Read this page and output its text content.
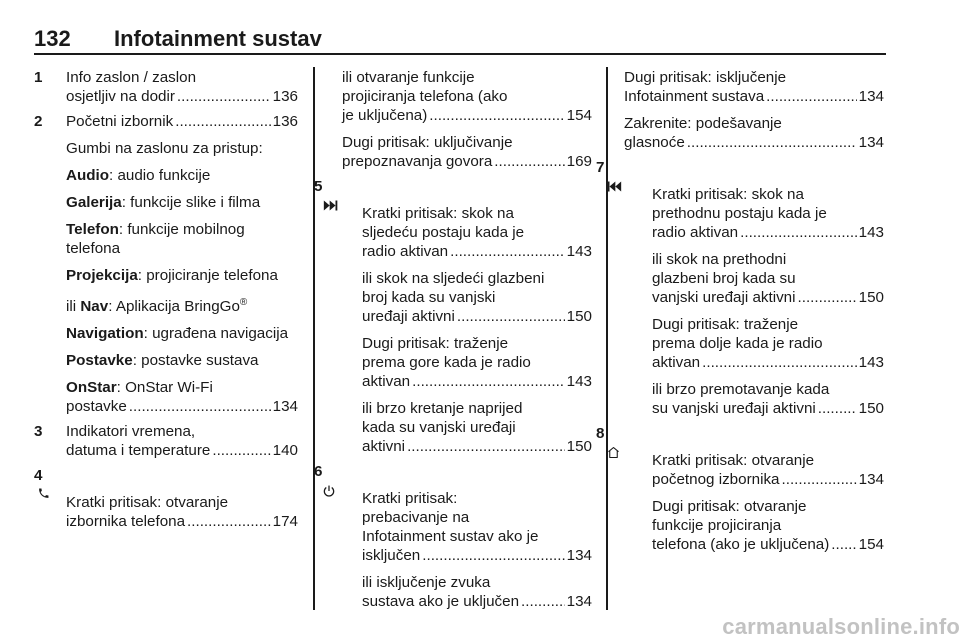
132 Infotainment sustav
1	Info zaslon / zaslon
osjetljiv na dodir .....	136
2	Početni izbornik .....	136
Gumbi na zaslonu za pristup:
Audio: audio funkcije
Galerija: funkcije slike i filma
Telefon: funkcije mobilnog
telefona
Projekcija: projiciranje telefona
ili Nav: Aplikacija BringGo®
Navigation: ugrađena navigacija
Postavke: postavke sustava
OnStar: OnStar Wi-Fi
postavke .....	134
3	Indikatori vremena,
datuma i temperature .....	140
4
Kratki pritisak: otvaranje
izbornika telefona .....	174
ili otvaranje funkcije
projiciranja telefona (ako
je uključena) .....	154
Dugi pritisak: uključivanje
prepoznavanja govora .....	169
5
Kratki pritisak: skok na
sljedeću postaju kada je
radio aktivan .....	143
ili skok na sljedeći glazbeni
broj kada su vanjski
uređaji aktivni .....	150
Dugi pritisak: traženje
prema gore kada je radio
aktivan .....	143
ili brzo kretanje naprijed
kada su vanjski uređaji
aktivni .....	150
6
Kratki pritisak:
prebacivanje na
Infotainment sustav ako je
isključen .....	134
ili isključenje zvuka
sustava ako je uključen .....	134
Dugi pritisak: isključenje
Infotainment sustava .....	134
Zakrenite: podešavanje
glasnoće .....	134
7
Kratki pritisak: skok na
prethodnu postaju kada je
radio aktivan .....	143
ili skok na prethodni
glazbeni broj kada su
vanjski uređaji aktivni .....	150
Dugi pritisak: traženje
prema dolje kada je radio
aktivan .....	143
ili brzo premotavanje kada
su vanjski uređaji aktivni .....	150
8
Kratki pritisak: otvaranje
početnog izbornika .....	134
Dugi pritisak: otvaranje
funkcije projiciranja
telefona (ako je uključena) ..... 154
carmanualsonline.info
